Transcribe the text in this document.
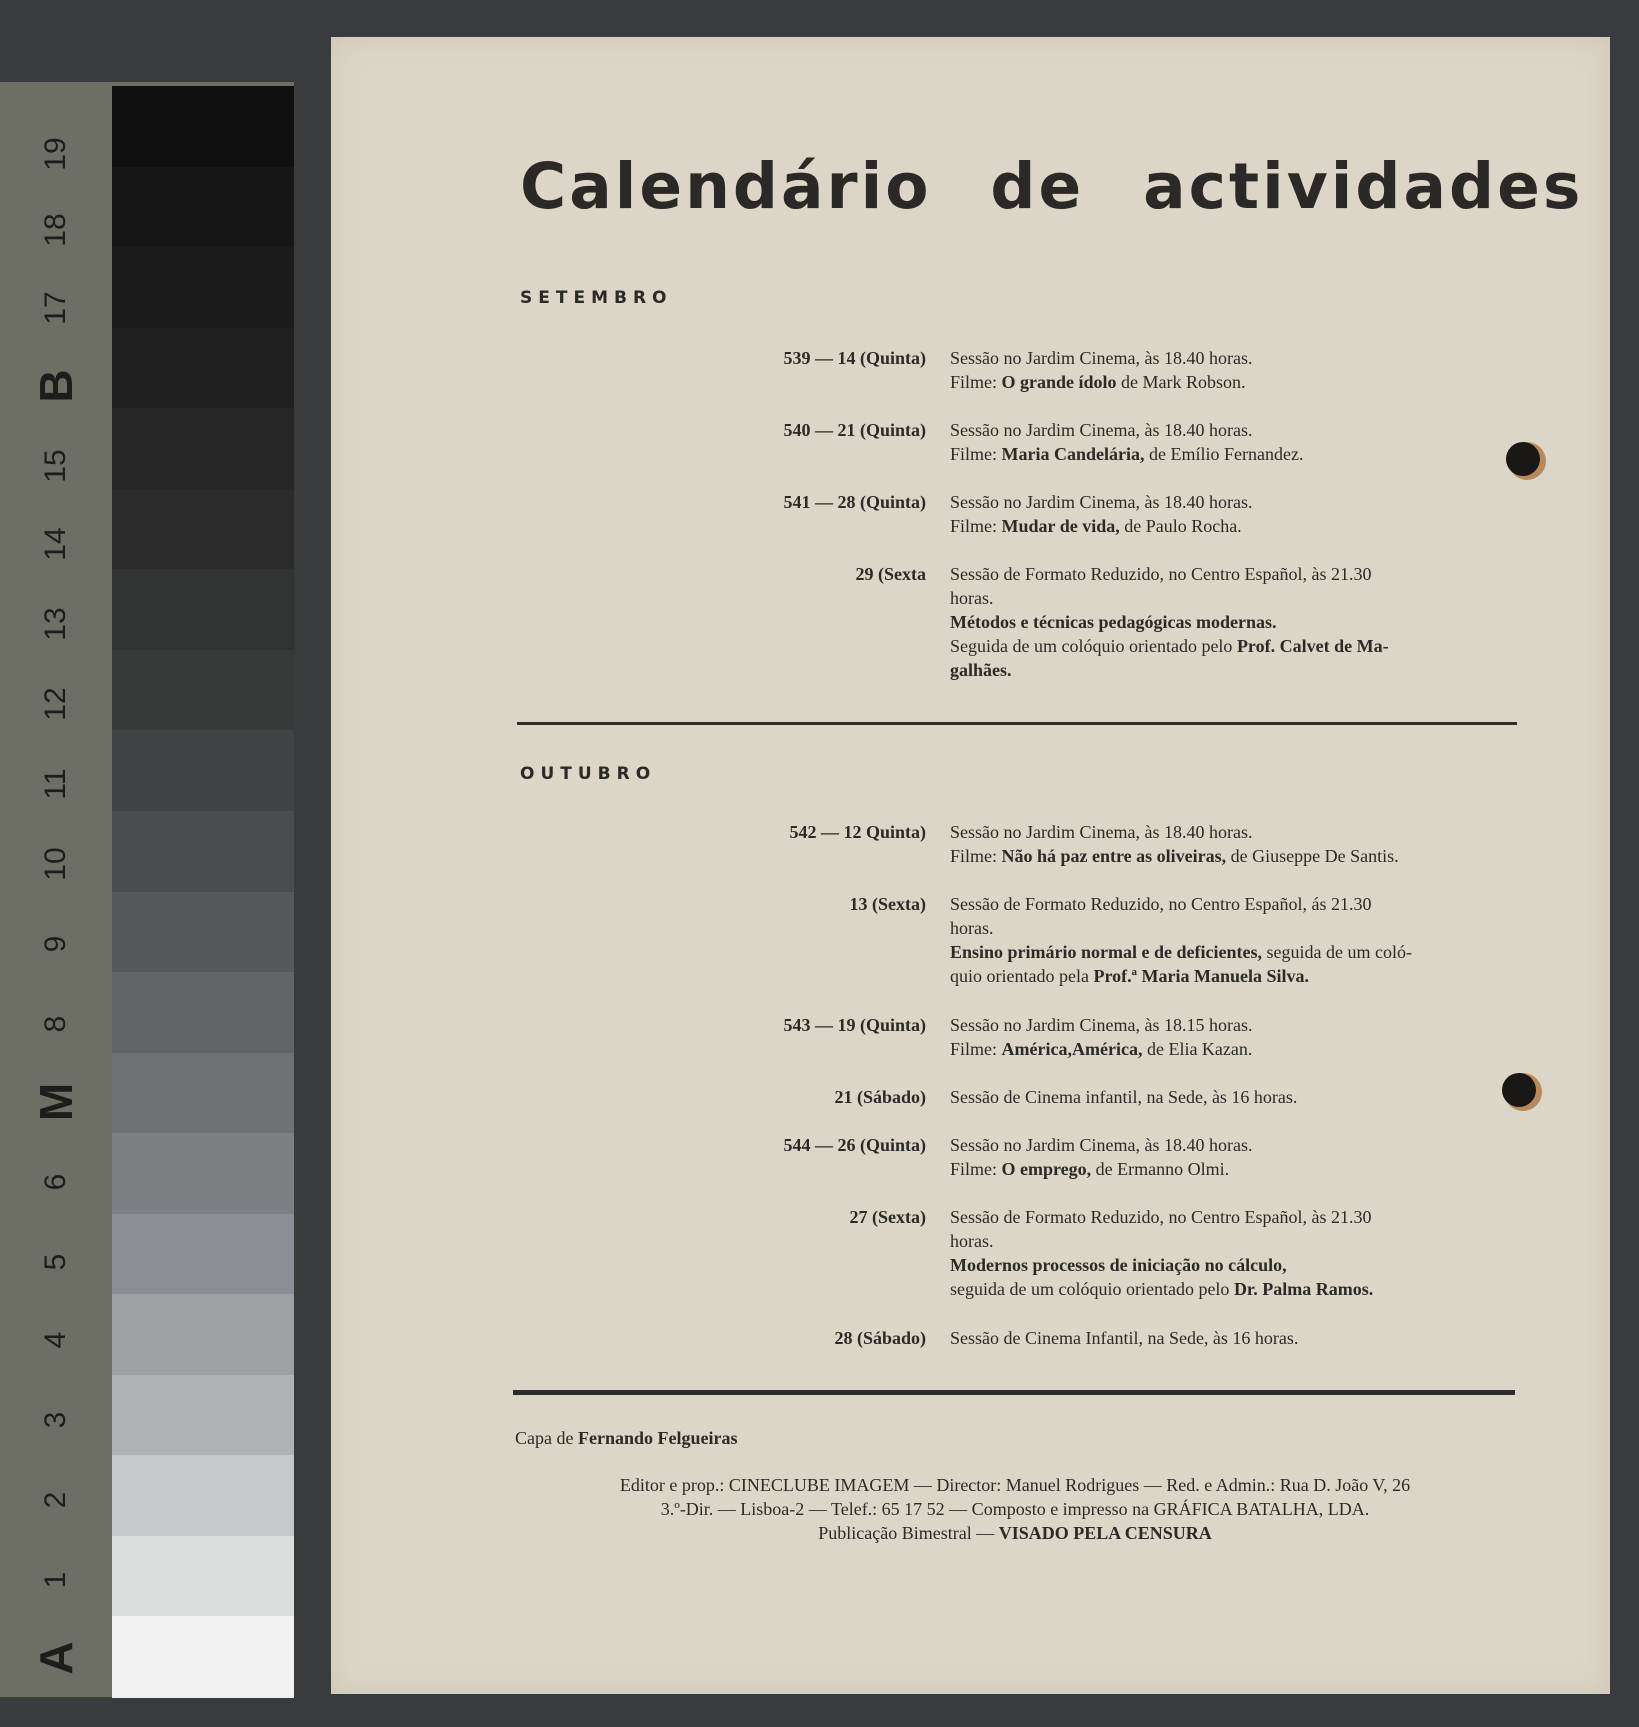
19
18
17
B
15
14
13
12
11
10
9
8
M
6
5
4
3
2
1
A
Calendário de actividades
SETEMBRO
539 — 14 (Quinta) Sessão no Jardim Cinema, às 18.40 horas.
Filme: O grande ídolo de Mark Robson.
540 — 21 (Quinta) Sessão no Jardim Cinema, às 18.40 horas.
Filme: Maria Candelária, de Emílio Fernandez.
541 — 28 (Quinta) Sessão no Jardim Cinema, às 18.40 horas.
Filme: Mudar de vida, de Paulo Rocha.
29 (Sexta Sessão de Formato Reduzido, no Centro Español, às 21.30
horas.
Métodos e técnicas pedagógicas modernas.
Seguida de um colóquio orientado pelo Prof. Calvet de Ma-
galhães.
OUTUBRO
542 — 12 Quinta) Sessão no Jardim Cinema, às 18.40 horas.
Filme: Não há paz entre as oliveiras, de Giuseppe De Santis.
13 (Sexta) Sessão de Formato Reduzido, no Centro Español, ás 21.30
horas.
Ensino primário normal e de deficientes, seguida de um coló-
quio orientado pela Prof.ª Maria Manuela Silva.
543 — 19 (Quinta) Sessão no Jardim Cinema, às 18.15 horas.
Filme: América,América, de Elia Kazan.
21 (Sábado) Sessão de Cinema infantil, na Sede, às 16 horas.
544 — 26 (Quinta) Sessão no Jardim Cinema, às 18.40 horas.
Filme: O emprego, de Ermanno Olmi.
27 (Sexta) Sessão de Formato Reduzido, no Centro Español, às 21.30
horas.
Modernos processos de iniciação no cálculo,
seguida de um colóquio orientado pelo Dr. Palma Ramos.
28 (Sábado) Sessão de Cinema Infantil, na Sede, às 16 horas.
Capa de Fernando Felgueiras
Editor e prop.: CINECLUBE IMAGEM — Director: Manuel Rodrigues — Red. e Admin.: Rua D. João V, 26
3.º-Dir. — Lisboa-2 — Telef.: 65 17 52 — Composto e impresso na GRÁFICA BATALHA, LDA.
Publicação Bimestral — VISADO PELA CENSURA
